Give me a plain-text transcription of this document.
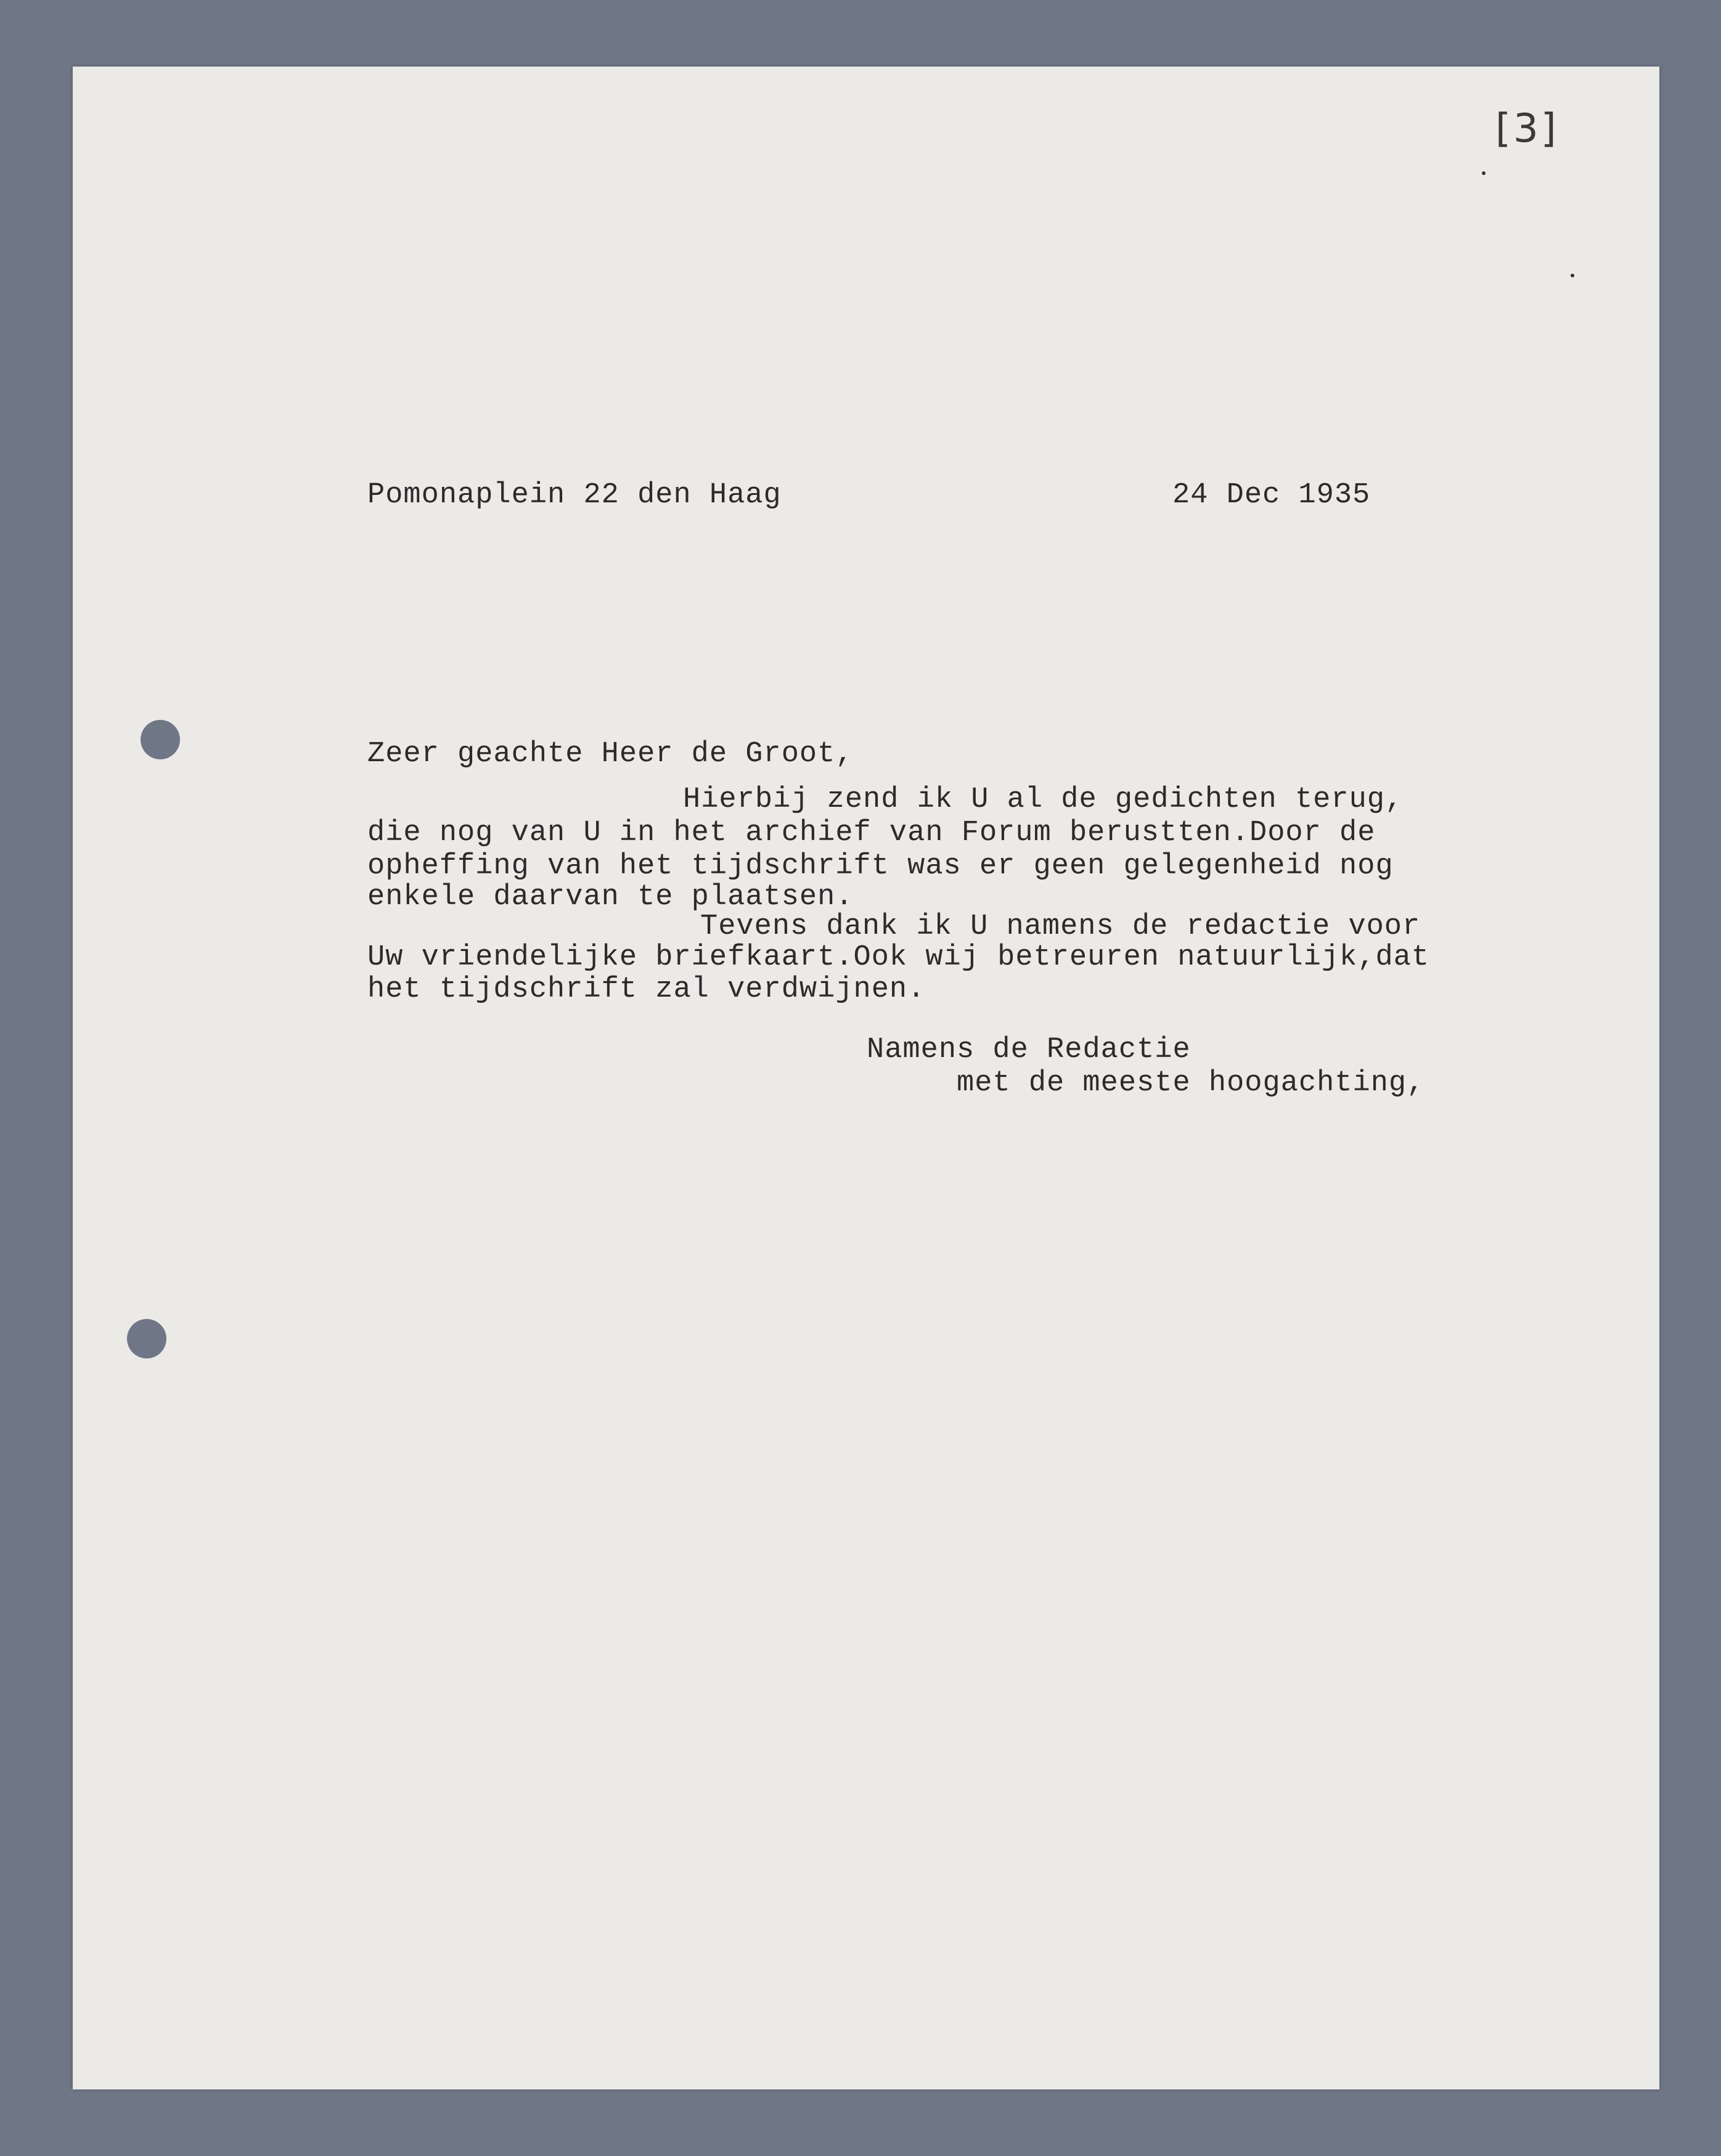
[3]
Pomonaplein 22 den Haag	24 Dec 1935
Zeer geachte Heer de Groot,
Hierbij zend ik U al de gedichten terug,
die nog van U in het archief van Forum berustten.Door de
opheffing van het tijdschrift was er geen gelegenheid nog
enkele daarvan te plaatsen.
Tevens dank ik U namens de redactie voor
Uw vriendelijke briefkaart.Ook wij betreuren natuurlijk,dat
het tijdschrift zal verdwijnen.
Namens de Redactie
met de meeste hoogachting,
